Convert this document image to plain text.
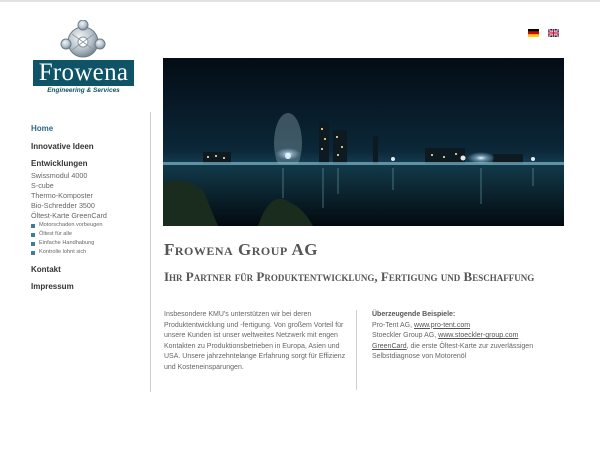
Frowena
Engineering & Services
Home
Innovative Ideen
Entwicklungen
Swissmodul 4000
S-cube
Thermo-Komposter
Bio-Schredder 3500
Öltest-Karte GreenCard
Motorschaden vorbeugen
Öltest für alle
Einfache Handhabung
Kontrolle lohnt sich
Kontakt
Impressum
Frowena Group AG
Ihr Partner für Produktentwicklung, Fertigung und Beschaffung

Insbesondere KMU's unterstützen wir bei deren Produktentwicklung und -fertigung. Von großem Vorteil für unsere Kunden ist unser weltweites Netzwerk mit engen Kontakten zu Produktionsbetrieben in Europa, Asien und USA. Unsere jahrzehntelange Erfahrung sorgt für Effizienz und Kosteneinsparungen.

Überzeugende Beispiele:
Pro-Tent AG, www.pro-tent.com
Stoeckler Group AG, www.stoeckler-group.com
GreenCard, die erste Öltest-Karte zur zuverlässigen Selbstdiagnose von Motorenöl
